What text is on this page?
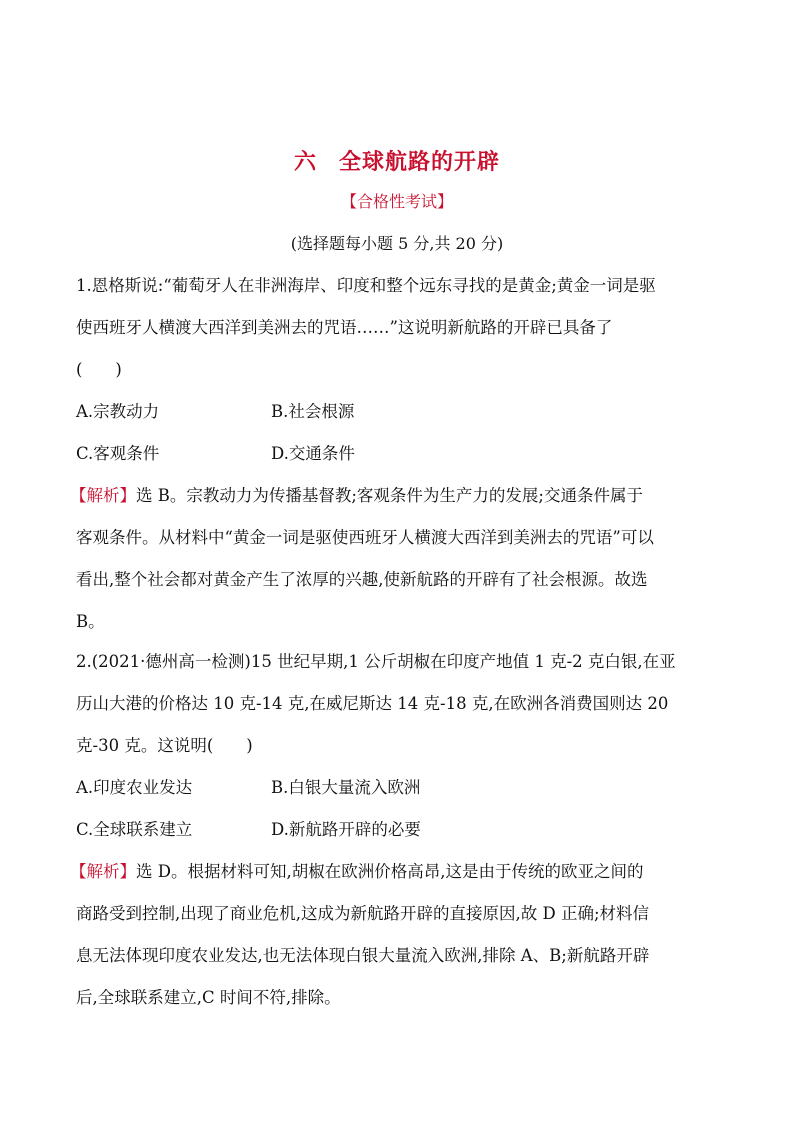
六 全球航路的开辟
【合格性考试】
(选择题每小题 5 分,共 20 分)
1.恩格斯说:“葡萄牙人在非洲海岸、印度和整个远东寻找的是黄金;黄金一词是驱
使西班牙人横渡大西洋到美洲去的咒语……”这说明新航路的开辟已具备了
(　　)
A.宗教动力	B.社会根源
C.客观条件	D.交通条件
【解析】选 B。宗教动力为传播基督教;客观条件为生产力的发展;交通条件属于
客观条件。从材料中“黄金一词是驱使西班牙人横渡大西洋到美洲去的咒语”可以
看出,整个社会都对黄金产生了浓厚的兴趣,使新航路的开辟有了社会根源。故选
B。
2.(2021·德州高一检测)15 世纪早期,1 公斤胡椒在印度产地值 1 克-2 克白银,在亚
历山大港的价格达 10 克-14 克,在威尼斯达 14 克-18 克,在欧洲各消费国则达 20
克-30 克。这说明(　　)
A.印度农业发达	B.白银大量流入欧洲
C.全球联系建立	D.新航路开辟的必要
【解析】选 D。根据材料可知,胡椒在欧洲价格高昂,这是由于传统的欧亚之间的
商路受到控制,出现了商业危机,这成为新航路开辟的直接原因,故 D 正确;材料信
息无法体现印度农业发达,也无法体现白银大量流入欧洲,排除 A、B;新航路开辟
后,全球联系建立,C 时间不符,排除。
